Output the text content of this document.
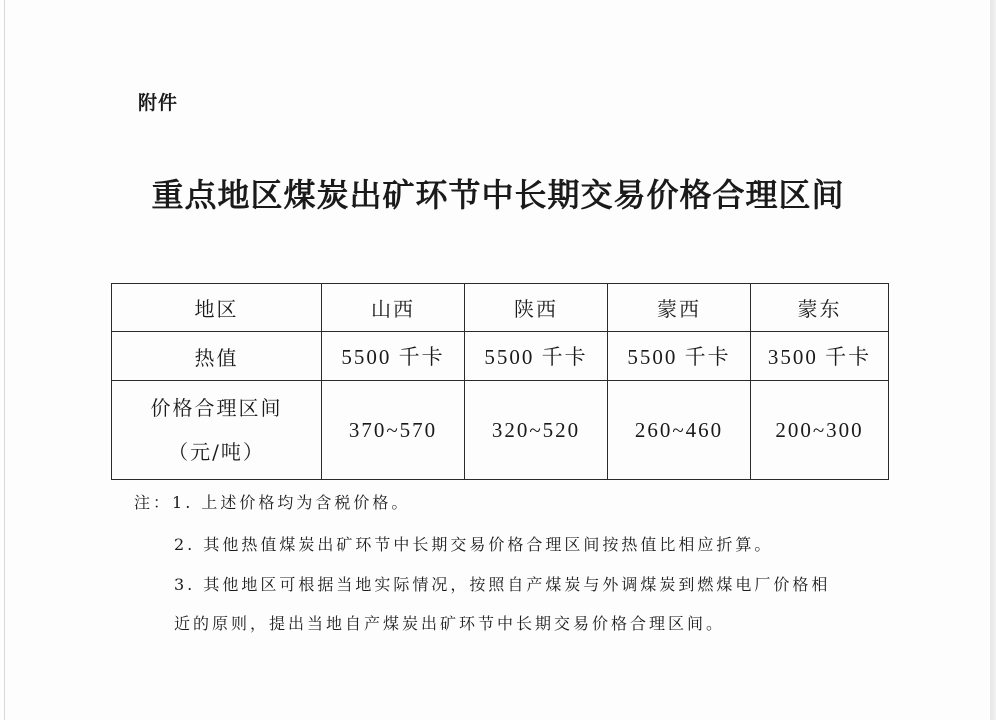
附件
重点地区煤炭出矿环节中长期交易价格合理区间
地区	山西	陕西	蒙西	蒙东
热值	5500 千卡	5500 千卡	5500 千卡	3500 千卡

价格合理区间
（元/吨）	370~570	320~520	260~460	200~300
注：1. 上述价格均为含税价格。
2. 其他热值煤炭出矿环节中长期交易价格合理区间按热值比相应折算。
3. 其他地区可根据当地实际情况，按照自产煤炭与外调煤炭到燃煤电厂价格相
近的原则，提出当地自产煤炭出矿环节中长期交易价格合理区间。
